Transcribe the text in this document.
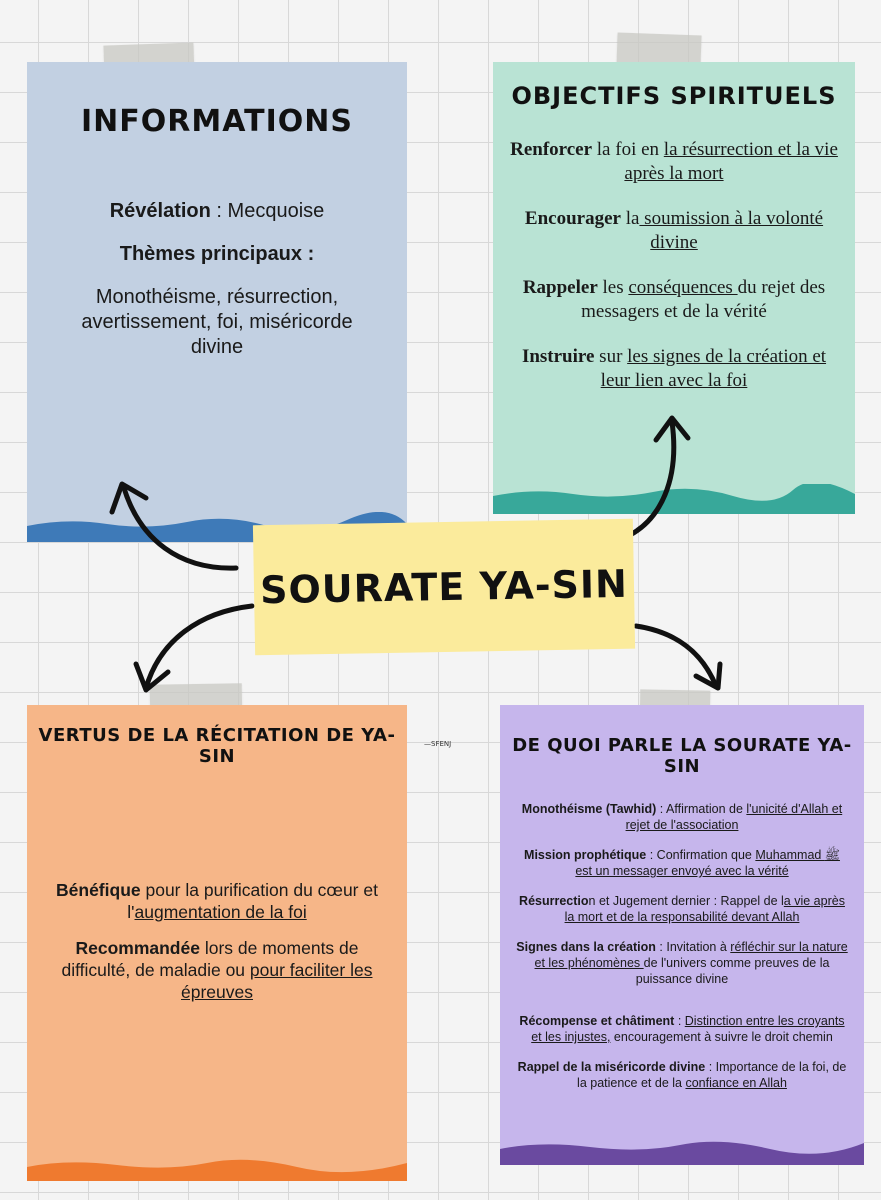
INFORMATIONS

Révélation : Mecquoise

Thèmes principaux :

Monothéisme, résurrection, avertissement, foi, miséricorde divine

OBJECTIFS SPIRITUELS

Renforcer la foi en la résurrection et la vie après la mort

Encourager la soumission à la volonté divine

Rappeler les conséquences du rejet des messagers et de la vérité

Instruire sur les signes de la création et leur lien avec la foi

VERTUS DE LA RÉCITATION DE YA-SIN

Bénéfique pour la purification du cœur et l'augmentation de la foi

Recommandée lors de moments de difficulté, de maladie ou pour faciliter les épreuves

DE QUOI PARLE LA SOURATE YA-SIN

Monothéisme (Tawhid) : Affirmation de l'unicité d'Allah et rejet de l'association

Mission prophétique : Confirmation que Muhammad ﷺ est un messager envoyé avec la vérité

Résurrection et Jugement dernier : Rappel de la vie après la mort et de la responsabilité devant Allah

Signes dans la création : Invitation à réfléchir sur la nature et les phénomènes de l'univers comme preuves de la puissance divine

Récompense et châtiment : Distinction entre les croyants et les injustes, encouragement à suivre le droit chemin

Rappel de la miséricorde divine : Importance de la foi, de la patience et de la confiance en Allah

SOURATE YA-SIN
—SFENJ
